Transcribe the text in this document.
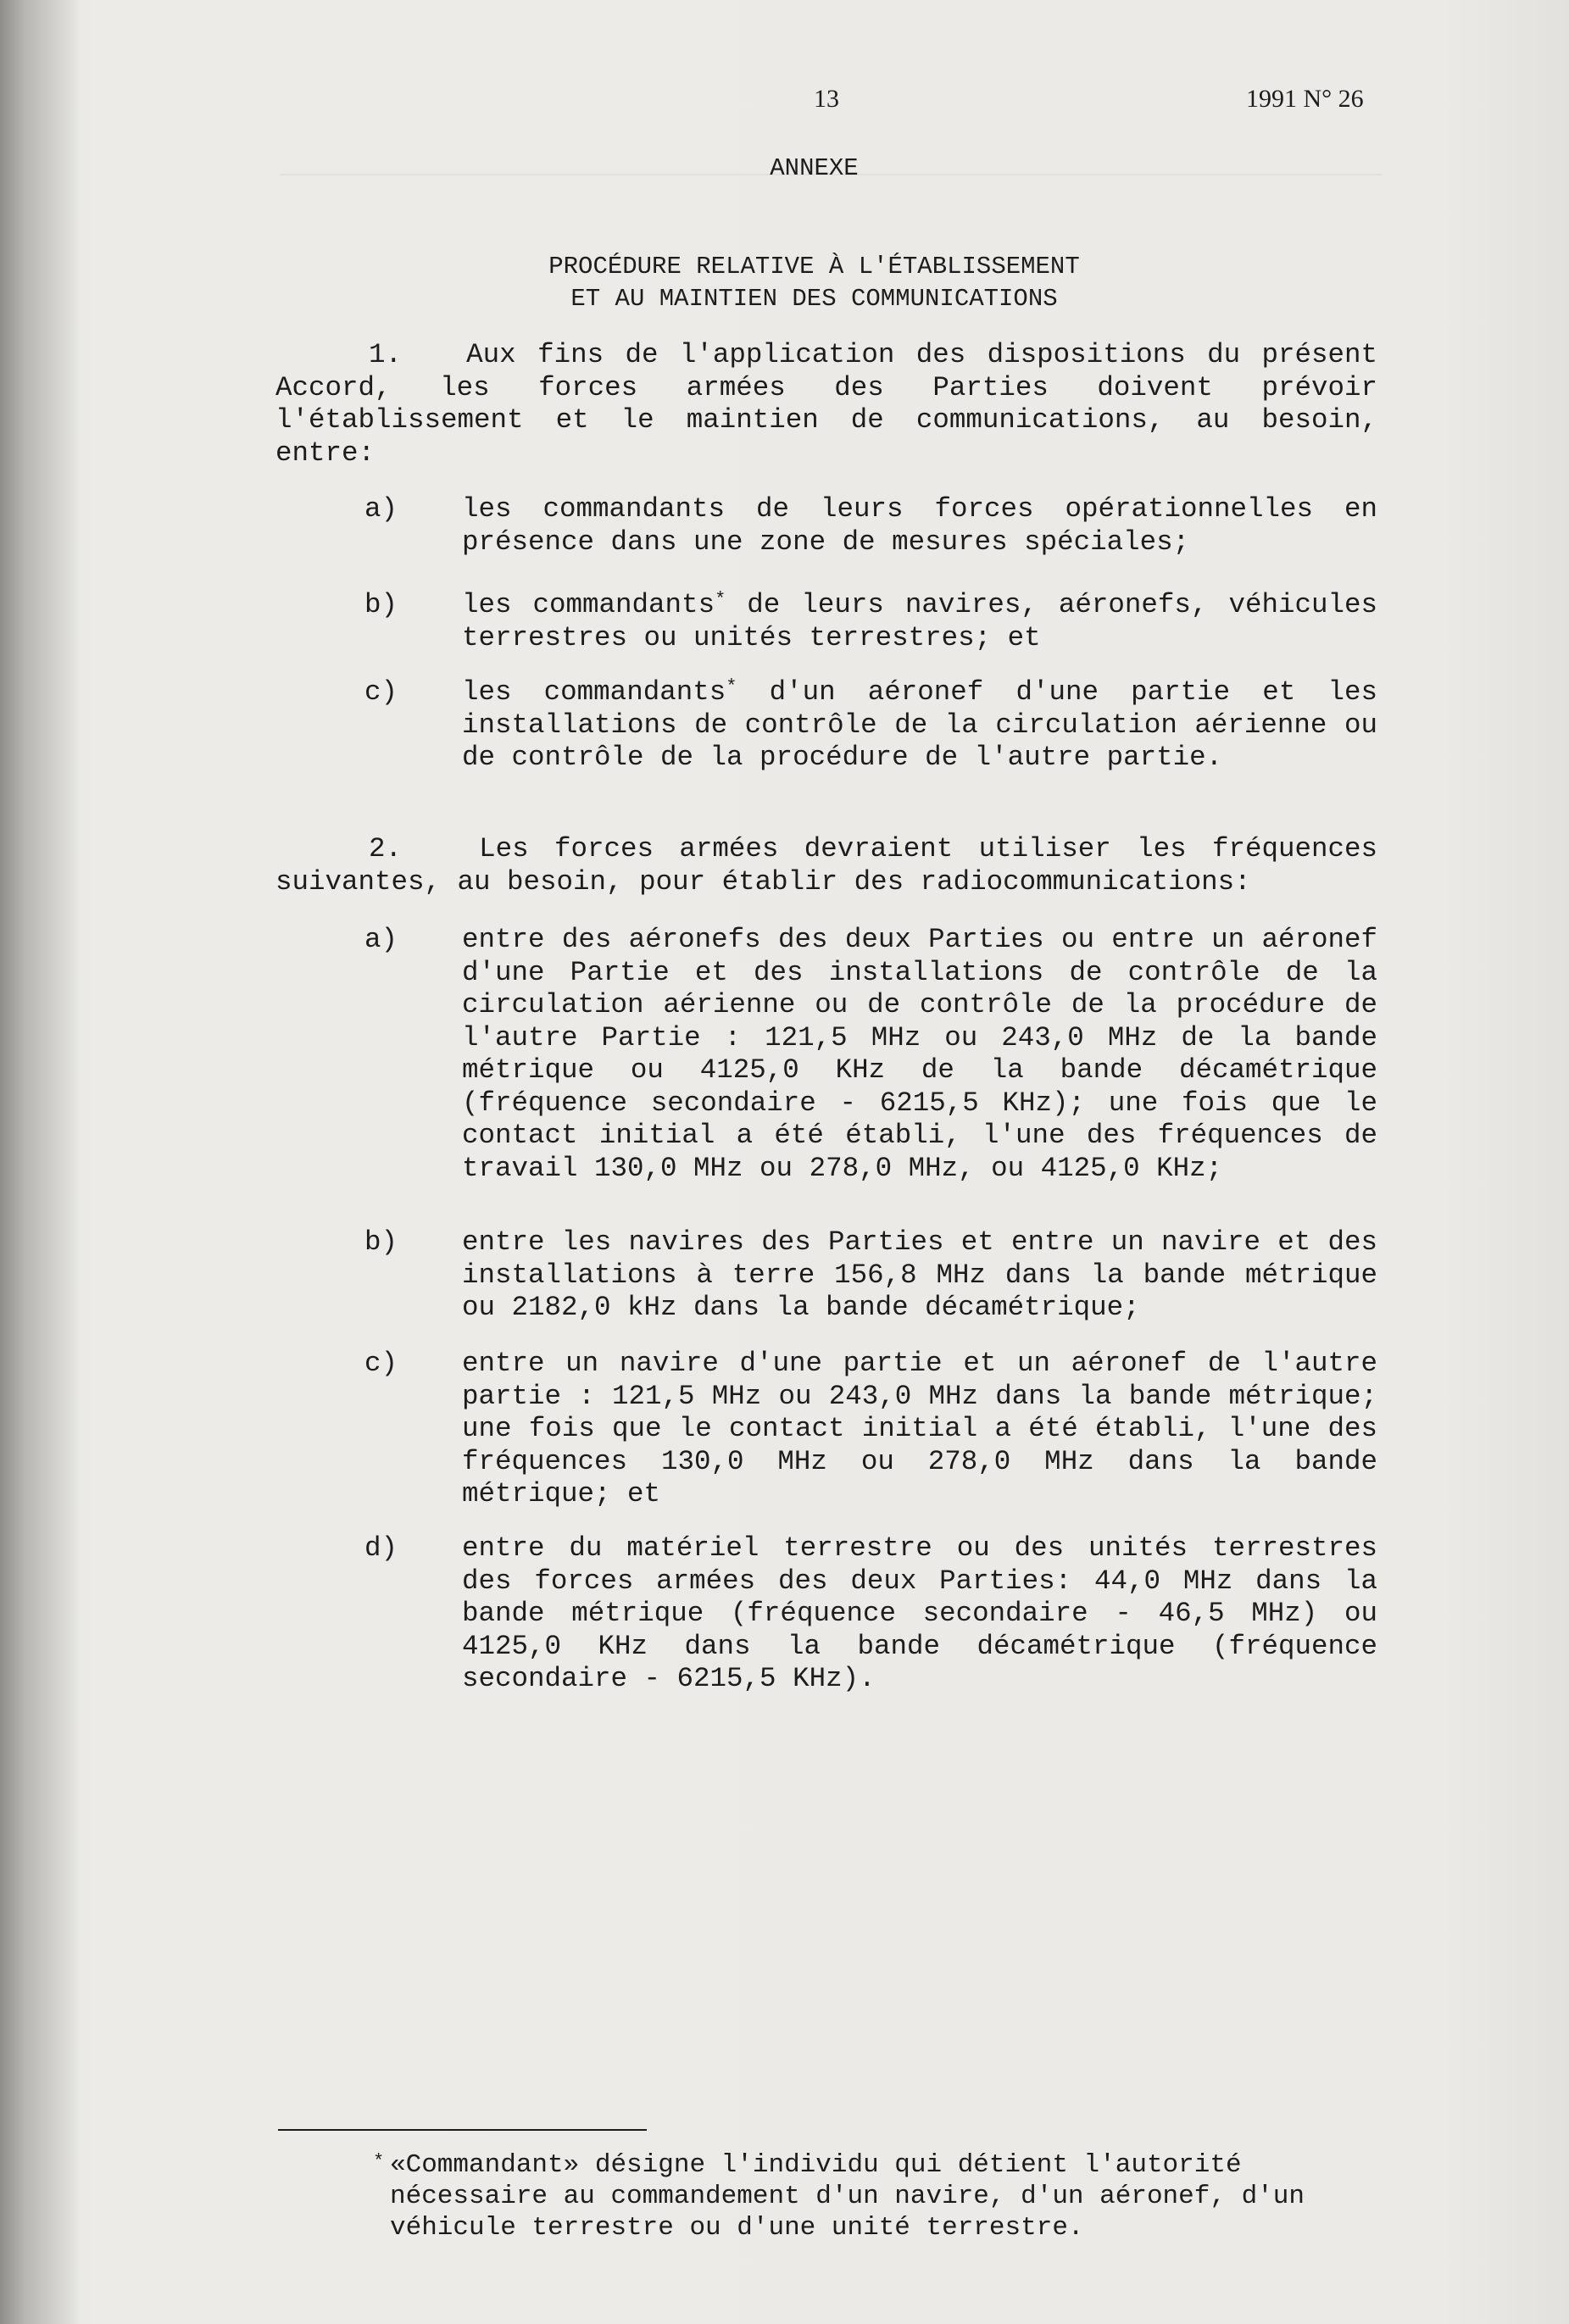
13	1991 N° 26
ANNEXE
PROCÉDURE RELATIVE À L'ÉTABLISSEMENT
ET AU MAINTIEN DES COMMUNICATIONS

1. Aux fins de l'application des dispositions du présent Accord, les forces armées des Parties doivent prévoir l'établissement et le maintien de communications, au besoin, entre:

a) les commandants de leurs forces opérationnelles en présence dans une zone de mesures spéciales;

b) les commandants* de leurs navires, aéronefs, véhicules terrestres ou unités terrestres; et

c) les commandants* d'un aéronef d'une partie et les installations de contrôle de la circulation aérienne ou de contrôle de la procédure de l'autre partie.

2.	Les forces armées devraient utiliser les fréquences suivantes, au besoin, pour établir des radiocommunications:

a) entre des aéronefs des deux Parties ou entre un aéronef d'une Partie et des installations de contrôle de la circulation aérienne ou de contrôle de la procédure de l'autre Partie : 121,5 MHz ou 243,0 MHz de la bande métrique ou 4125,0 KHz de la bande décamétrique (fréquence secondaire - 6215,5 KHz); une fois que le contact initial a été établi, l'une des fréquences de travail 130,0 MHz ou 278,0 MHz, ou 4125,0 KHz;

b) entre les navires des Parties et entre un navire et des installations à terre 156,8 MHz dans la bande métrique ou 2182,0 kHz dans la bande décamétrique;

c) entre un navire d'une partie et un aéronef de l'autre partie : 121,5 MHz ou 243,0 MHz dans la bande métrique; une fois que le contact initial a été établi, l'une des fréquences 130,0 MHz ou 278,0 MHz dans la bande métrique; et

d) entre du matériel terrestre ou des unités terrestres des forces armées des deux Parties: 44,0 MHz dans la bande métrique (fréquence secondaire - 46,5 MHz) ou 4125,0 KHz dans la bande décamétrique (fréquence secondaire - 6215,5 KHz).

* «Commandant» désigne l'individu qui détient l'autorité nécessaire au commandement d'un navire, d'un aéronef, d'un véhicule terrestre ou d'une unité terrestre.
